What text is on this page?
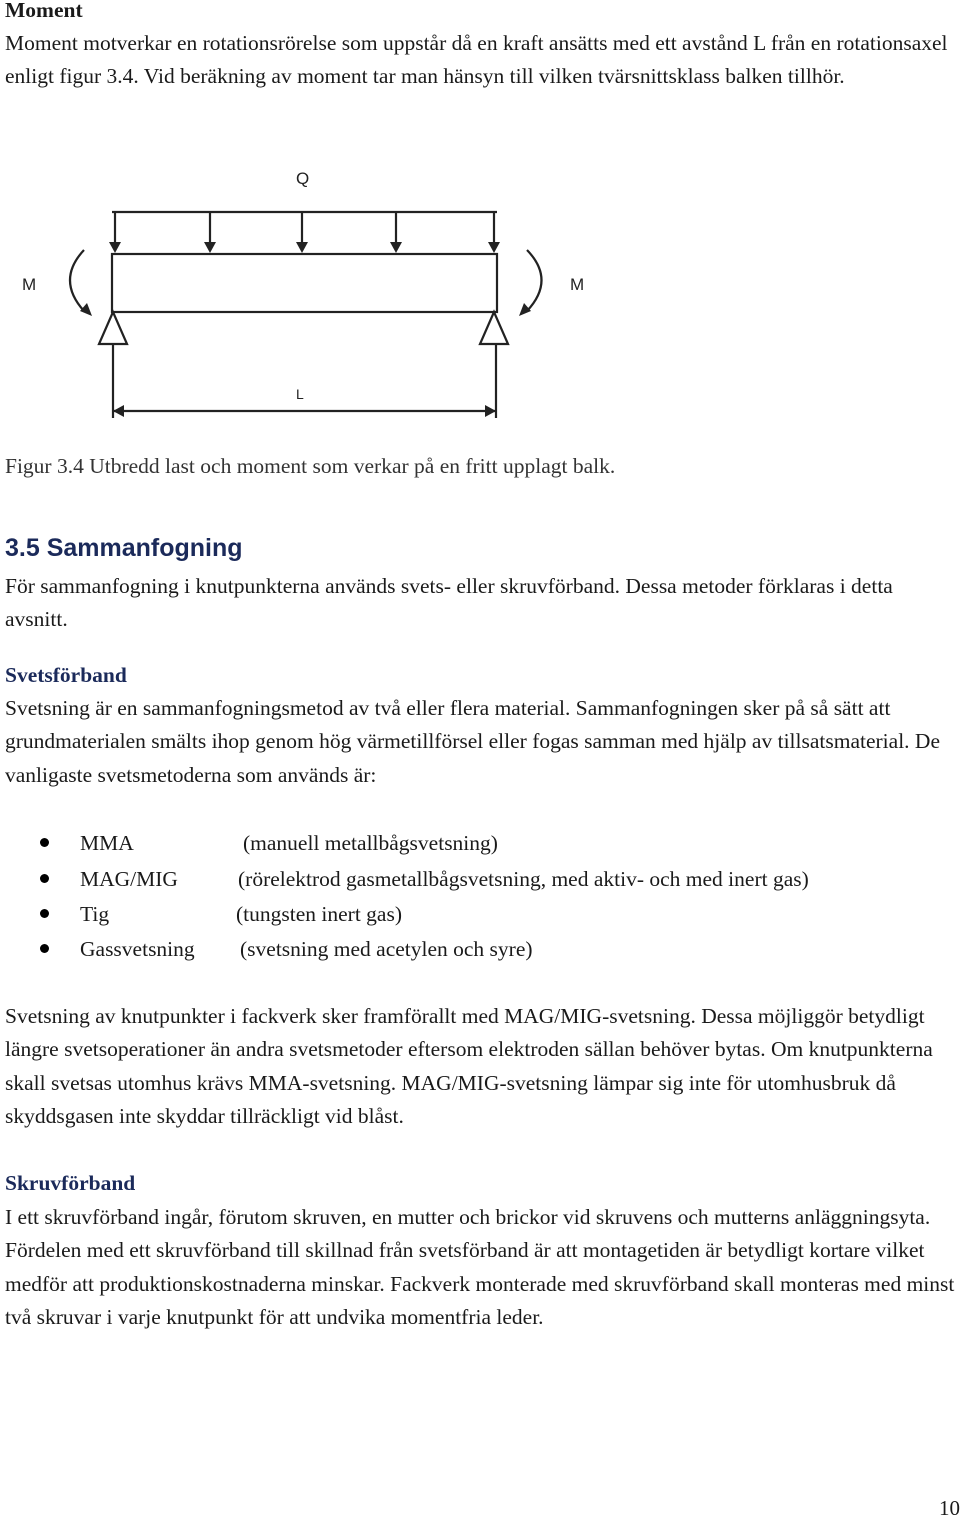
Moment
Moment motverkar en rotationsrörelse som uppstår då en kraft ansätts med ett avstånd L från en rotationsaxel enligt figur 3.4. Vid beräkning av moment tar man hänsyn till vilken tvärsnittsklass balken tillhör.
Q
M	M
L
Figur 3.4 Utbredd last och moment som verkar på en fritt upplagt balk.
3.5 Sammanfogning
För sammanfogning i knutpunkterna används svets- eller skruvförband. Dessa metoder förklaras i detta avsnitt.
Svetsförband
Svetsning är en sammanfogningsmetod av två eller flera material. Sammanfogningen sker på så sätt att grundmaterialen smälts ihop genom hög värmetillförsel eller fogas samman med hjälp av tillsatsmaterial. De vanligaste svetsmetoderna som används är:
MMA	(manuell metallbågsvetsning)
MAG/MIG	(rörelektrod gasmetallbågsvetsning, med aktiv- och med inert gas)
Tig	(tungsten inert gas)
Gassvetsning (svetsning med acetylen och syre)
Svetsning av knutpunkter i fackverk sker framförallt med MAG/MIG-svetsning. Dessa möjliggör betydligt längre svetsoperationer än andra svetsmetoder eftersom elektroden sällan behöver bytas. Om knutpunkterna skall svetsas utomhus krävs MMA-svetsning. MAG/MIG-svetsning lämpar sig inte för utomhusbruk då skyddsgasen inte skyddar tillräckligt vid blåst.
Skruvförband
I ett skruvförband ingår, förutom skruven, en mutter och brickor vid skruvens och mutterns anläggningsyta. Fördelen med ett skruvförband till skillnad från svetsförband är att montagetiden är betydligt kortare vilket medför att produktionskostnaderna minskar. Fackverk monterade med skruvförband skall monteras med minst två skruvar i varje knutpunkt för att undvika momentfria leder.
10
